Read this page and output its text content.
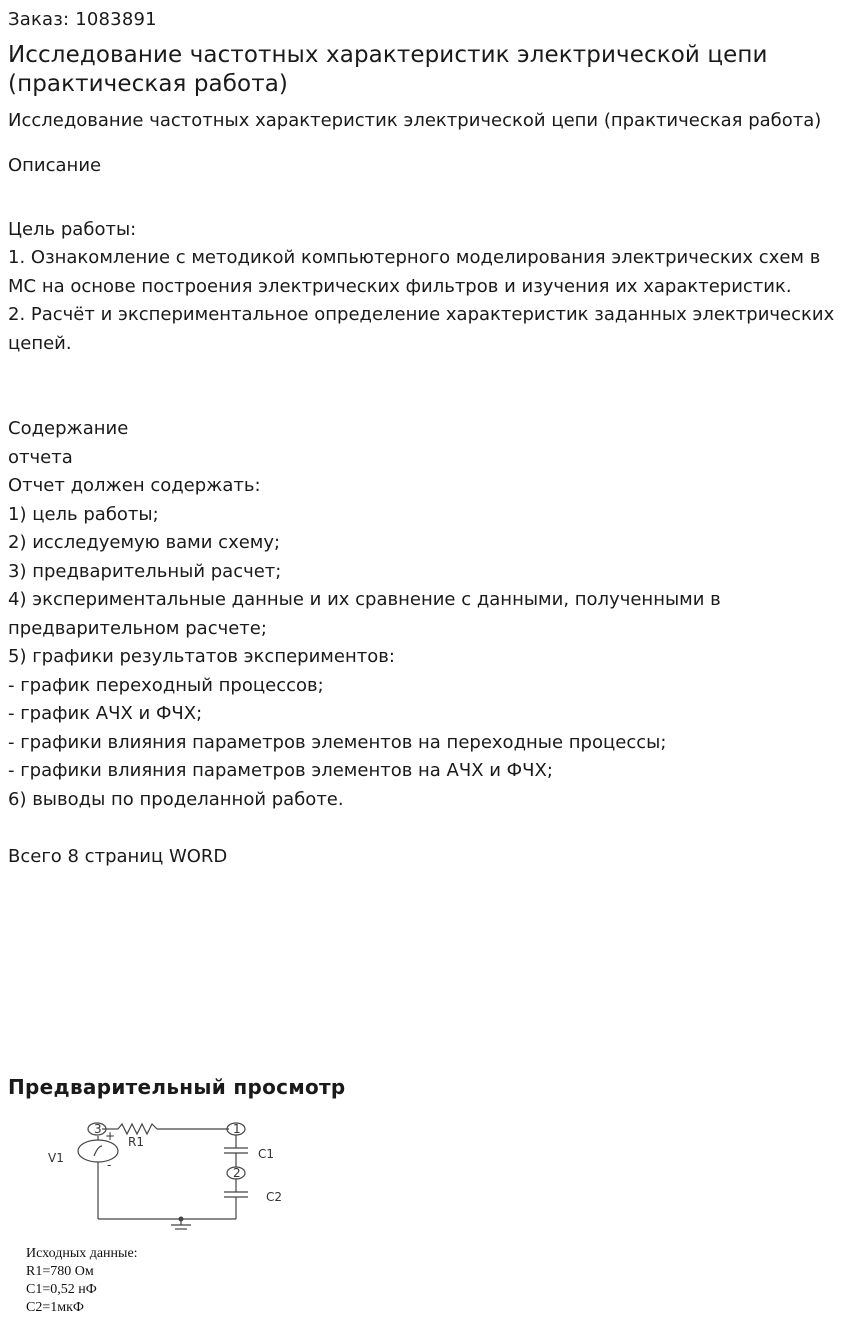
Заказ: 1083891
Исследование частотных характеристик электрической цепи (практическая работа)
Исследование частотных характеристик электрической цепи (практическая работа)
Описание
Цель работы:
1. Ознакомление с методикой компьютерного моделирования электрических схем в МС на основе построения электрических фильтров и изучения их характеристик.
2. Расчёт и экспериментальное определение характеристик заданных электрических цепей.
Содержание
отчета
Отчет должен содержать:
1) цель работы;
2) исследуемую вами схему;
3) предварительный расчет;
4) экспериментальные данные и их сравнение с данными, полученными в предварительном расчете;
5) графики результатов экспериментов:
- график переходный процессов;
- график АЧХ и ФЧХ;
- графики влияния параметров элементов на переходные процессы;
- графики влияния параметров элементов на АЧХ и ФЧХ;
6) выводы по проделанной работе.
Всего 8 страниц WORD
Предварительный просмотр
3	1
2
R1
C1
C2
V1
+
-
Исходных данные:
R1=780 Ом
C1=0,52 нФ
C2=1мкФ
